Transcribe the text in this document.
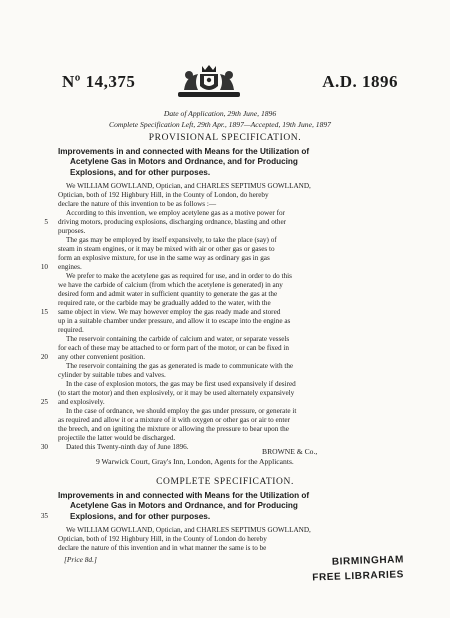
Nº 14,375	A.D. 1896
Date of Application, 29th June, 1896
Complete Specification Left, 29th Apr., 1897—Accepted, 19th June, 1897
PROVISIONAL SPECIFICATION.
Improvements in and connected with Means for the Utilization of
Acetylene Gas in Motors and Ordnance, and for Producing
Explosions, and for other purposes.
We WILLIAM GOWLLAND, Optician, and CHARLES SEPTIMUS GOWLLAND,
Optician, both of 192 Highbury Hill, in the County of London, do hereby
declare the nature of this invention to be as follows :—
According to this invention, we employ acetylene gas as a motive power for
driving motors, producing explosions, discharging ordnance, blasting and other
purposes.
The gas may be employed by itself expansively, to take the place (say) of
steam in steam engines, or it may be mixed with air or other gas or gases to
form an explosive mixture, for use in the same way as ordinary gas in gas
engines.
We prefer to make the acetylene gas as required for use, and in order to do this
we have the carbide of calcium (from which the acetylene is generated) in any
desired form and admit water in sufficient quantity to generate the gas at the
required rate, or the carbide may be gradually added to the water, with the
same object in view. We may however employ the gas ready made and stored
up in a suitable chamber under pressure, and allow it to escape into the engine as
required.
The reservoir containing the carbide of calcium and water, or separate vessels
for each of these may be attached to or form part of the motor, or can be fixed in
any other convenient position.
The reservoir containing the gas as generated is made to communicate with the
cylinder by suitable tubes and valves.
In the case of explosion motors, the gas may be first used expansively if desired
(to start the motor) and then explosively, or it may be used alternately expansively
and explosively.
In the case of ordnance, we should employ the gas under pressure, or generate it
as required and allow it or a mixture of it with oxygen or other gas or air to enter
the breech, and on igniting the mixture or allowing the pressure to bear upon the
projectile the latter would be discharged.
Dated this Twenty-ninth day of June 1896.
5
10
15
20
25
30
35
BROWNE & Co.,
9 Warwick Court, Gray's Inn, London, Agents for the Applicants.
COMPLETE SPECIFICATION.
Improvements in and connected with Means for the Utilization of
Acetylene Gas in Motors and Ordnance, and for Producing
Explosions, and for other purposes.
We WILLIAM GOWLLAND, Optician, and CHARLES SEPTIMUS GOWLLAND,
Optician, both of 192 Highbury Hill, in the County of London do hereby
declare the nature of this invention and in what manner the same is to be
[Price 8d.]	BIRMINGHAM
FREE LIBRARIES
